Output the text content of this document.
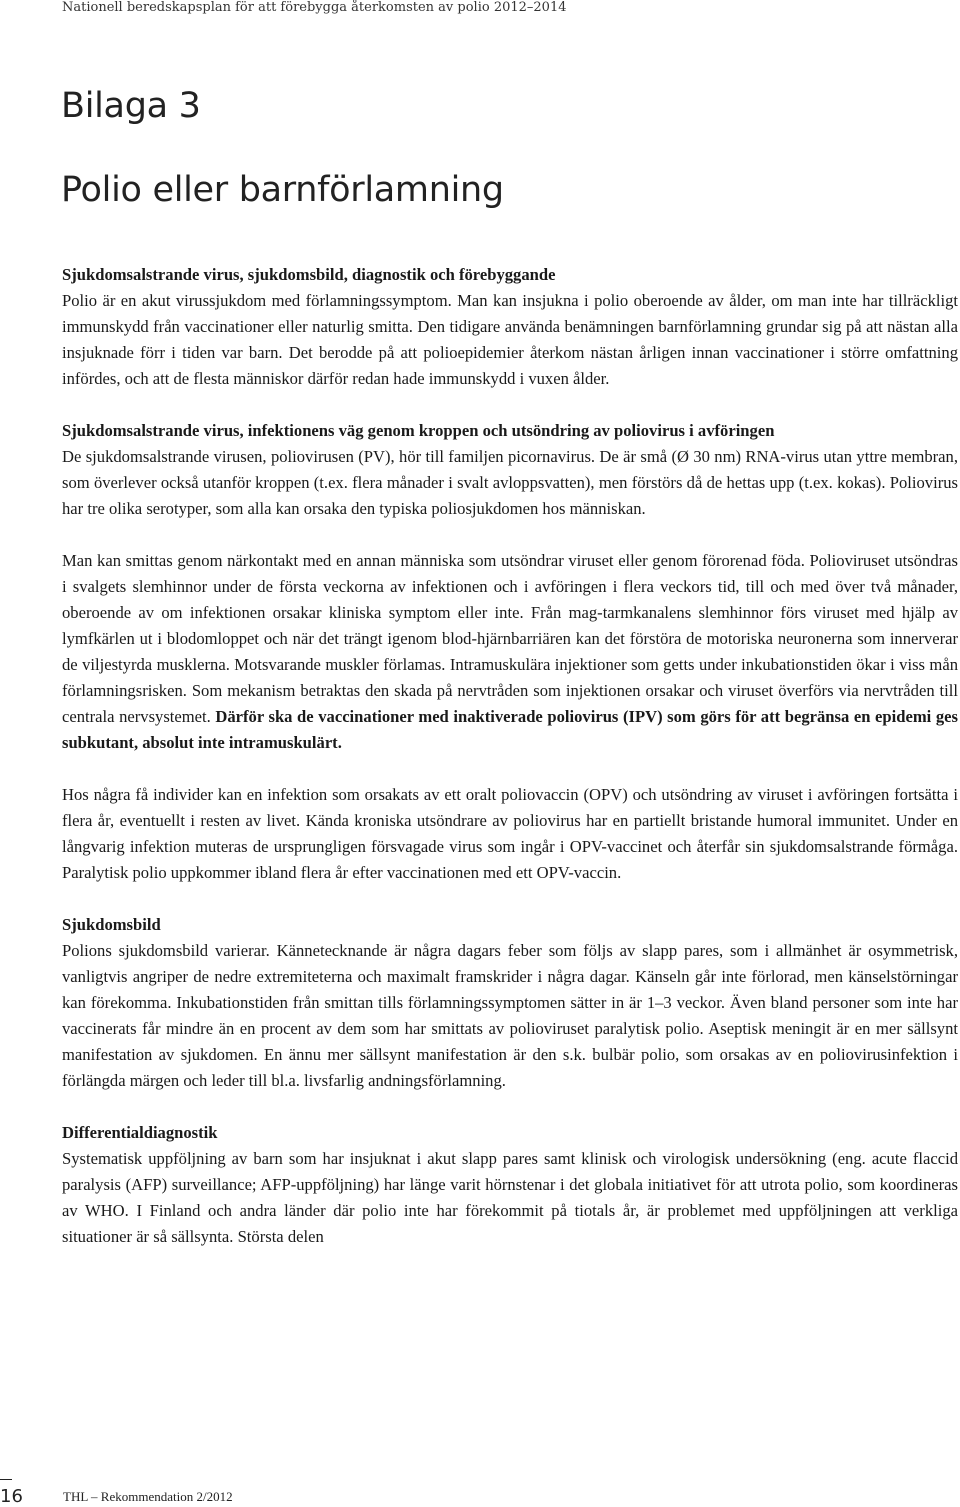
Nationell beredskapsplan för att förebygga återkomsten av polio 2012–2014
Bilaga 3
Polio eller barnförlamning

Sjukdomsalstrande virus, sjukdomsbild, diagnostik och förebyggande

Polio är en akut virussjukdom med förlamningssymptom. Man kan insjukna i polio oberoende av ålder, om man inte har tillräckligt immunskydd från vaccinationer eller naturlig smitta. Den tidigare använda benämningen barnförlamning grundar sig på att nästan alla insjuknade förr i tiden var barn. Det berodde på att polioepidemier återkom nästan årligen innan vaccinationer i större omfattning infördes, och att de flesta människor därför redan hade immunskydd i vuxen ålder.

Sjukdomsalstrande virus, infektionens väg genom kroppen och utsöndring av poliovirus i avföringen

De sjukdomsalstrande virusen, poliovirusen (PV), hör till familjen picornavirus. De är små (Ø 30 nm) RNA-virus utan yttre membran, som överlever också utanför kroppen (t.ex. flera månader i svalt avloppsvatten), men förstörs då de hettas upp (t.ex. kokas). Poliovirus har tre olika serotyper, som alla kan orsaka den typiska poliosjukdomen hos människan.

Man kan smittas genom närkontakt med en annan människa som utsöndrar viruset eller genom förorenad föda. Polioviruset utsöndras i svalgets slemhinnor under de första veckorna av infektionen och i avföringen i flera veckors tid, till och med över två månader, oberoende av om infektionen orsakar kliniska symptom eller inte. Från mag-tarmkanalens slemhinnor förs viruset med hjälp av lymfkärlen ut i blodomloppet och när det trängt igenom blod-hjärnbarriären kan det förstöra de motoriska neuronerna som innerverar de viljestyrda musklerna. Motsvarande muskler förlamas. Intramuskulära injektioner som getts under inkubationstiden ökar i viss mån förlamningsrisken. Som mekanism betraktas den skada på nervtråden som injektionen orsakar och viruset överförs via nervtråden till centrala nervsystemet. Därför ska de vaccinationer med inaktiverade poliovirus (IPV) som görs för att begränsa en epidemi ges subkutant, absolut inte intramuskulärt.

Hos några få individer kan en infektion som orsakats av ett oralt poliovaccin (OPV) och utsöndring av viruset i avföringen fortsätta i flera år, eventuellt i resten av livet. Kända kroniska utsöndrare av poliovirus har en partiellt bristande humoral immunitet. Under en långvarig infektion muteras de ursprungligen försvagade virus som ingår i OPV-vaccinet och återfår sin sjukdomsalstrande förmåga. Paralytisk polio uppkommer ibland flera år efter vaccinationen med ett OPV-vaccin.

Sjukdomsbild

Polions sjukdomsbild varierar. Kännetecknande är några dagars feber som följs av slapp pares, som i allmänhet är osymmetrisk, vanligtvis angriper de nedre extremiteterna och maximalt framskrider i några dagar. Känseln går inte förlorad, men känselstörningar kan förekomma. Inkubationstiden från smittan tills förlamningssymptomen sätter in är 1–3 veckor. Även bland personer som inte har vaccinerats får mindre än en procent av dem som har smittats av polioviruset paralytisk polio. Aseptisk meningit är en mer sällsynt manifestation av sjukdomen. En ännu mer sällsynt manifestation är den s.k. bulbär polio, som orsakas av en poliovirusinfektion i förlängda märgen och leder till bl.a. livsfarlig andningsförlamning.

Differentialdiagnostik

Systematisk uppföljning av barn som har insjuknat i akut slapp pares samt klinisk och virologisk undersökning (eng. acute flaccid paralysis (AFP) surveillance; AFP-uppföljning) har länge varit hörnstenar i det globala initiativet för att utrota polio, som koordineras av WHO. I Finland och andra länder där polio inte har förekommit på tiotals år, är problemet med uppföljningen att verkliga situationer är så sällsynta. Största delen

16	THL – Rekommendation 2/2012
